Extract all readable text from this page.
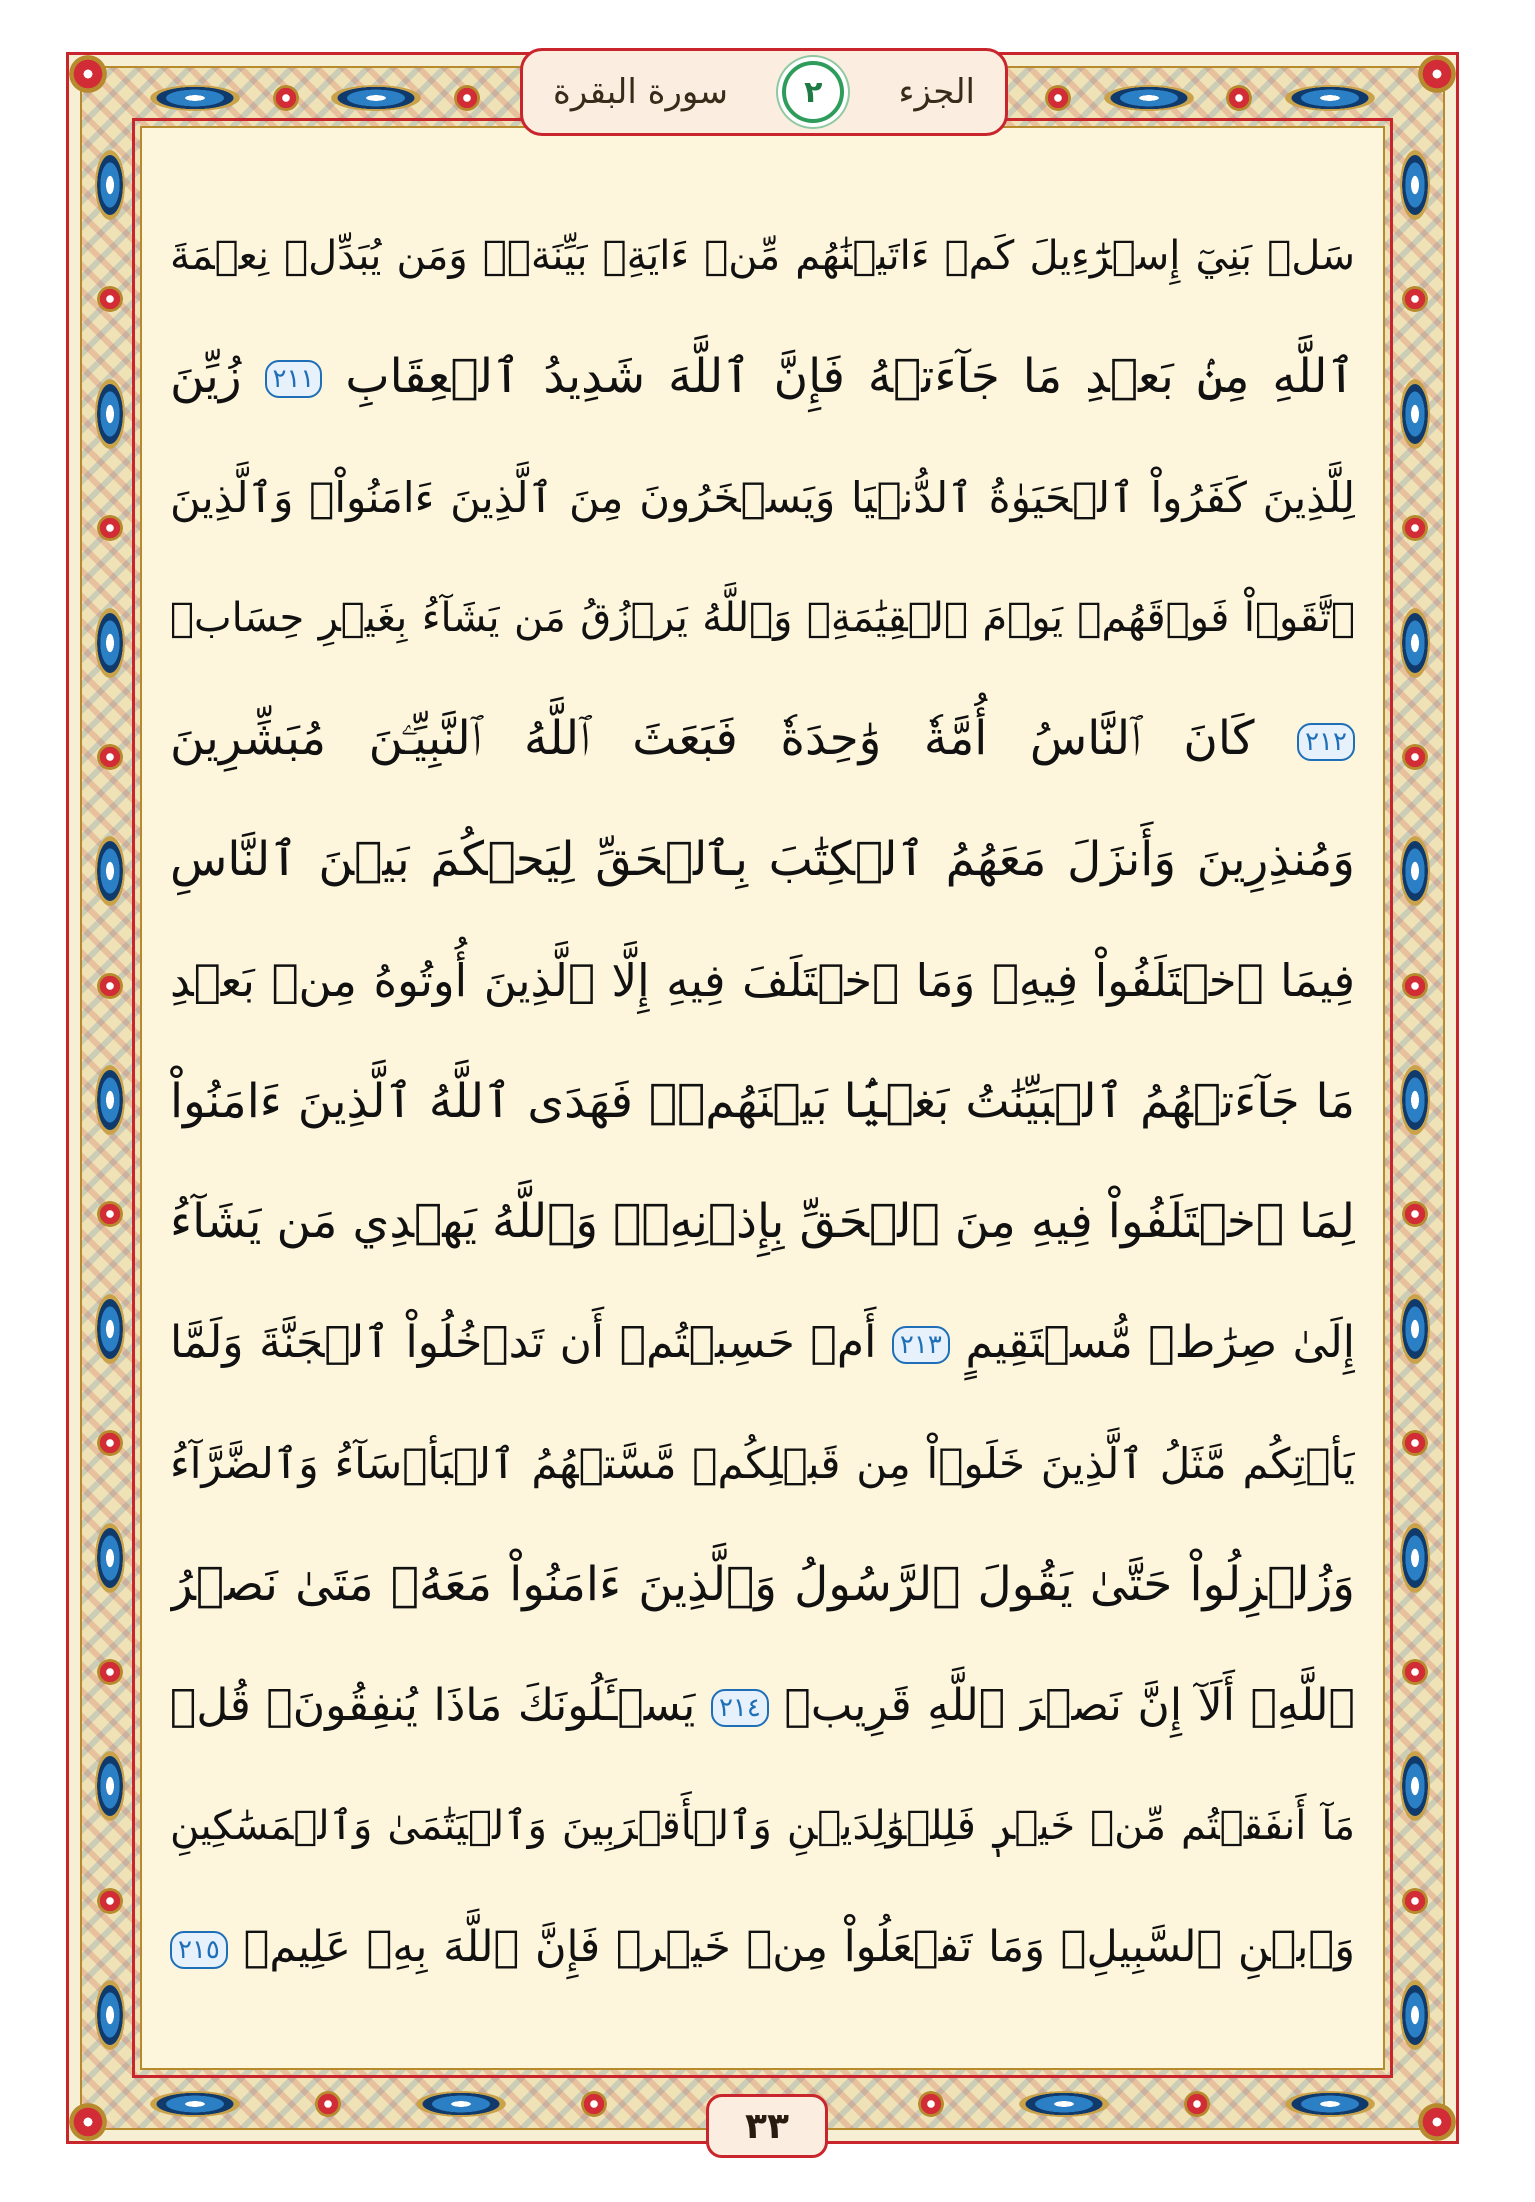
الجزء
٢
سورة البقرة
سَلۡ بَنِيٓ إِسۡرَٰٓءِيلَ كَمۡ ءَاتَيۡنَٰهُم مِّنۡ ءَايَةِۭ بَيِّنَةٖۗ وَمَن يُبَدِّلۡ نِعۡمَةَ
ٱللَّهِ مِنۢ بَعۡدِ مَا جَآءَتۡهُ فَإِنَّ ٱللَّهَ شَدِيدُ ٱلۡعِقَابِ ٢١١ زُيِّنَ
لِلَّذِينَ كَفَرُواْ ٱلۡحَيَوٰةُ ٱلدُّنۡيَا وَيَسۡخَرُونَ مِنَ ٱلَّذِينَ ءَامَنُواْۘ وَٱلَّذِينَ
ٱتَّقَوۡاْ فَوۡقَهُمۡ يَوۡمَ ٱلۡقِيَٰمَةِۗ وَٱللَّهُ يَرۡزُقُ مَن يَشَآءُ بِغَيۡرِ حِسَابٖ
٢١٢ كَانَ ٱلنَّاسُ أُمَّةٗ وَٰحِدَةٗ فَبَعَثَ ٱللَّهُ ٱلنَّبِيِّـۧنَ مُبَشِّرِينَ
وَمُنذِرِينَ وَأَنزَلَ مَعَهُمُ ٱلۡكِتَٰبَ بِٱلۡحَقِّ لِيَحۡكُمَ بَيۡنَ ٱلنَّاسِ
فِيمَا ٱخۡتَلَفُواْ فِيهِۚ وَمَا ٱخۡتَلَفَ فِيهِ إِلَّا ٱلَّذِينَ أُوتُوهُ مِنۢ بَعۡدِ
مَا جَآءَتۡهُمُ ٱلۡبَيِّنَٰتُ بَغۡيَۢا بَيۡنَهُمۡۖ فَهَدَى ٱللَّهُ ٱلَّذِينَ ءَامَنُواْ
لِمَا ٱخۡتَلَفُواْ فِيهِ مِنَ ٱلۡحَقِّ بِإِذۡنِهِۦۗ وَٱللَّهُ يَهۡدِي مَن يَشَآءُ
إِلَىٰ صِرَٰطٖ مُّسۡتَقِيمٍ ٢١٣ أَمۡ حَسِبۡتُمۡ أَن تَدۡخُلُواْ ٱلۡجَنَّةَ وَلَمَّا
يَأۡتِكُم مَّثَلُ ٱلَّذِينَ خَلَوۡاْ مِن قَبۡلِكُمۖ مَّسَّتۡهُمُ ٱلۡبَأۡسَآءُ وَٱلضَّرَّآءُ
وَزُلۡزِلُواْ حَتَّىٰ يَقُولَ ٱلرَّسُولُ وَٱلَّذِينَ ءَامَنُواْ مَعَهُۥ مَتَىٰ نَصۡرُ
ٱللَّهِۗ أَلَآ إِنَّ نَصۡرَ ٱللَّهِ قَرِيبٞ ٢١٤ يَسۡـَٔلُونَكَ مَاذَا يُنفِقُونَۖ قُلۡ
مَآ أَنفَقۡتُم مِّنۡ خَيۡرٖ فَلِلۡوَٰلِدَيۡنِ وَٱلۡأَقۡرَبِينَ وَٱلۡيَتَٰمَىٰ وَٱلۡمَسَٰكِينِ
وَٱبۡنِ ٱلسَّبِيلِۗ وَمَا تَفۡعَلُواْ مِنۡ خَيۡرٖ فَإِنَّ ٱللَّهَ بِهِۦ عَلِيمٞ ٢١٥
٣٣
